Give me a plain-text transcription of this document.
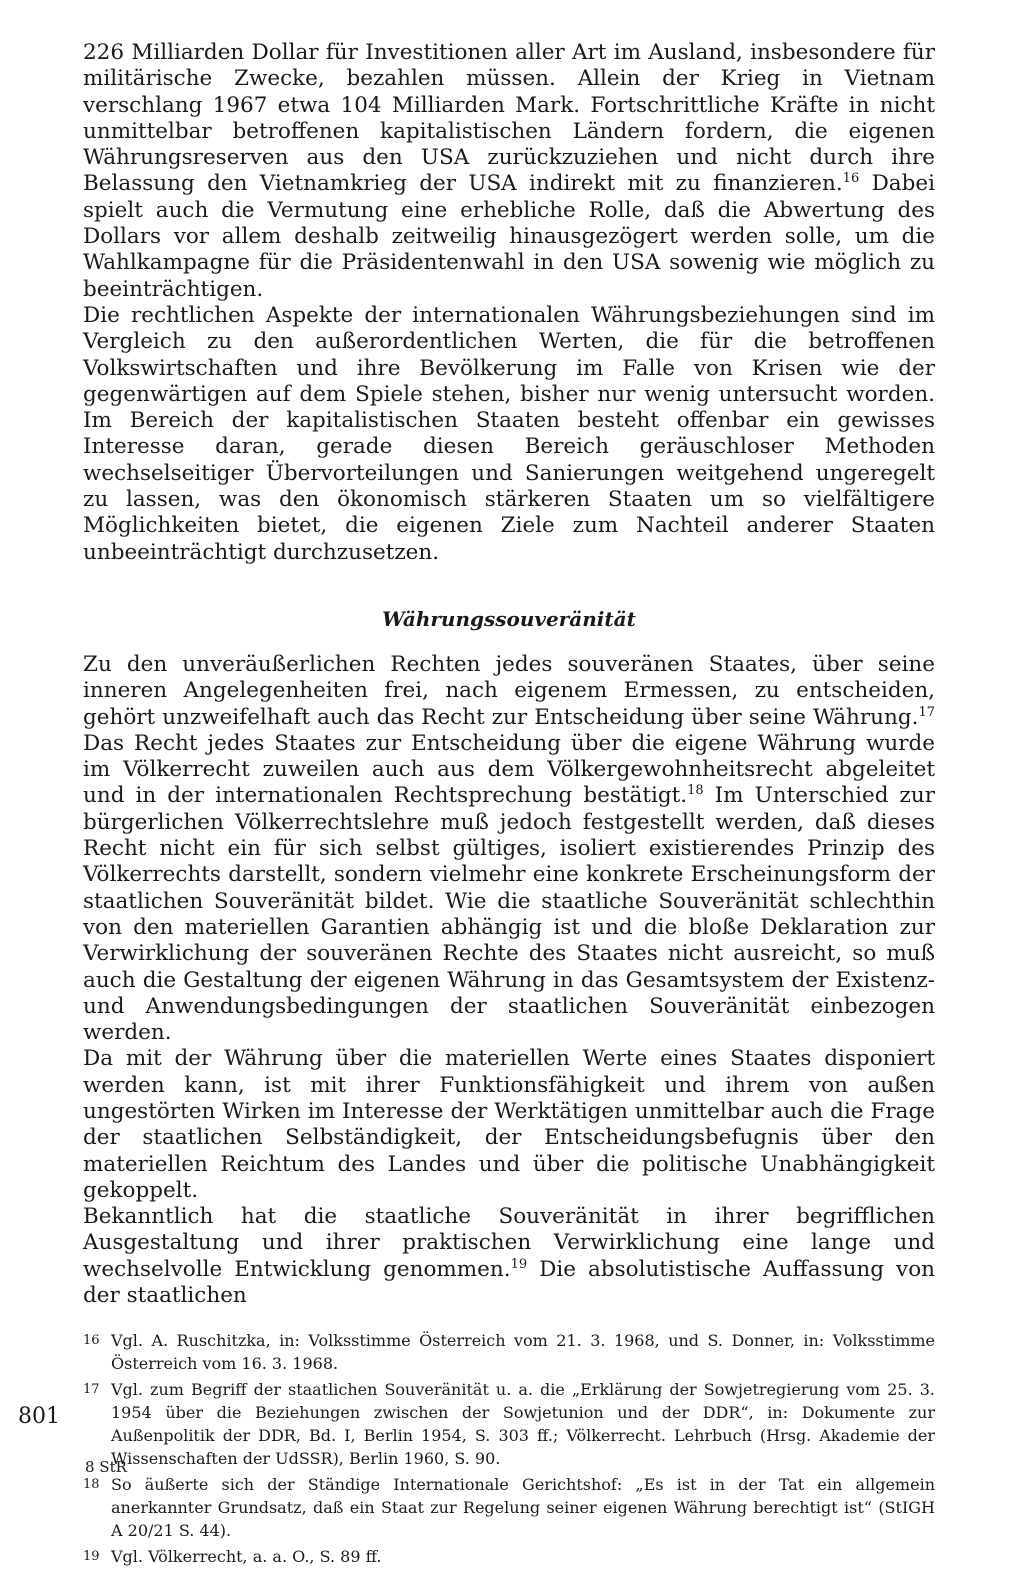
226 Milliarden Dollar für Investitionen aller Art im Ausland, insbesondere für militärische Zwecke, bezahlen müssen. Allein der Krieg in Vietnam verschlang 1967 etwa 104 Milliarden Mark. Fortschrittliche Kräfte in nicht unmittelbar betroffenen kapitalistischen Ländern fordern, die eigenen Währungsreserven aus den USA zurückzuziehen und nicht durch ihre Belassung den Vietnamkrieg der USA indirekt mit zu finanzieren.$^{16}$ Dabei spielt auch die Vermutung eine erhebliche Rolle, daß die Abwertung des Dollars vor allem deshalb zeitweilig hinausgezögert werden solle, um die Wahlkampagne für die Präsidentenwahl in den USA sowenig wie möglich zu beeinträchtigen.

Die rechtlichen Aspekte der internationalen Währungsbeziehungen sind im Vergleich zu den außerordentlichen Werten, die für die betroffenen Volkswirtschaften und ihre Bevölkerung im Falle von Krisen wie der gegenwärtigen auf dem Spiele stehen, bisher nur wenig untersucht worden. Im Bereich der kapitalistischen Staaten besteht offenbar ein gewisses Interesse daran, gerade diesen Bereich geräuschloser Methoden wechselseitiger Übervorteilungen und Sanierungen weitgehend ungeregelt zu lassen, was den ökonomisch stärkeren Staaten um so vielfältigere Möglichkeiten bietet, die eigenen Ziele zum Nachteil anderer Staaten unbeeinträchtigt durchzusetzen.

Währungssouveränität

Zu den unveräußerlichen Rechten jedes souveränen Staates, über seine inneren Angelegenheiten frei, nach eigenem Ermessen, zu entscheiden, gehört unzweifelhaft auch das Recht zur Entscheidung über seine Währung.$^{17}$ Das Recht jedes Staates zur Entscheidung über die eigene Währung wurde im Völkerrecht zuweilen auch aus dem Völkergewohnheitsrecht abgeleitet und in der internationalen Rechtsprechung bestätigt.$^{18}$ Im Unterschied zur bürgerlichen Völkerrechtslehre muß jedoch festgestellt werden, daß dieses Recht nicht ein für sich selbst gültiges, isoliert existierendes Prinzip des Völkerrechts darstellt, sondern vielmehr eine konkrete Erscheinungsform der staatlichen Souveränität bildet. Wie die staatliche Souveränität schlechthin von den materiellen Garantien abhängig ist und die bloße Deklaration zur Verwirklichung der souveränen Rechte des Staates nicht ausreicht, so muß auch die Gestaltung der eigenen Währung in das Gesamtsystem der Existenz- und Anwendungsbedingungen der staatlichen Souveränität einbezogen werden.

Da mit der Währung über die materiellen Werte eines Staates disponiert werden kann, ist mit ihrer Funktionsfähigkeit und ihrem von außen ungestörten Wirken im Interesse der Werktätigen unmittelbar auch die Frage der staatlichen Selbständigkeit, der Entscheidungsbefugnis über den materiellen Reichtum des Landes und über die politische Unabhängigkeit gekoppelt.

Bekanntlich hat die staatliche Souveränität in ihrer begrifflichen Ausgestaltung und ihrer praktischen Verwirklichung eine lange und wechselvolle Entwicklung genommen.$^{19}$ Die absolutistische Auffassung von der staatlichen

16 Vgl. A. Ruschitzka, in: Volksstimme Österreich vom 21. 3. 1968, und S. Donner, in: Volksstimme Österreich vom 16. 3. 1968.
17 Vgl. zum Begriff der staatlichen Souveränität u. a. die „Erklärung der Sowjetregierung vom 25. 3. 1954 über die Beziehungen zwischen der Sowjetunion und der DDR“, in: Dokumente zur Außenpolitik der DDR, Bd. I, Berlin 1954, S. 303 ff.; Völkerrecht. Lehrbuch (Hrsg. Akademie der Wissenschaften der UdSSR), Berlin 1960, S. 90.
18 So äußerte sich der Ständige Internationale Gerichtshof: „Es ist in der Tat ein allgemein anerkannter Grundsatz, daß ein Staat zur Regelung seiner eigenen Währung berechtigt ist“ (StIGH A 20/21 S. 44).
19 Vgl. Völkerrecht, a. a. O., S. 89 ff.
801
8 StR
